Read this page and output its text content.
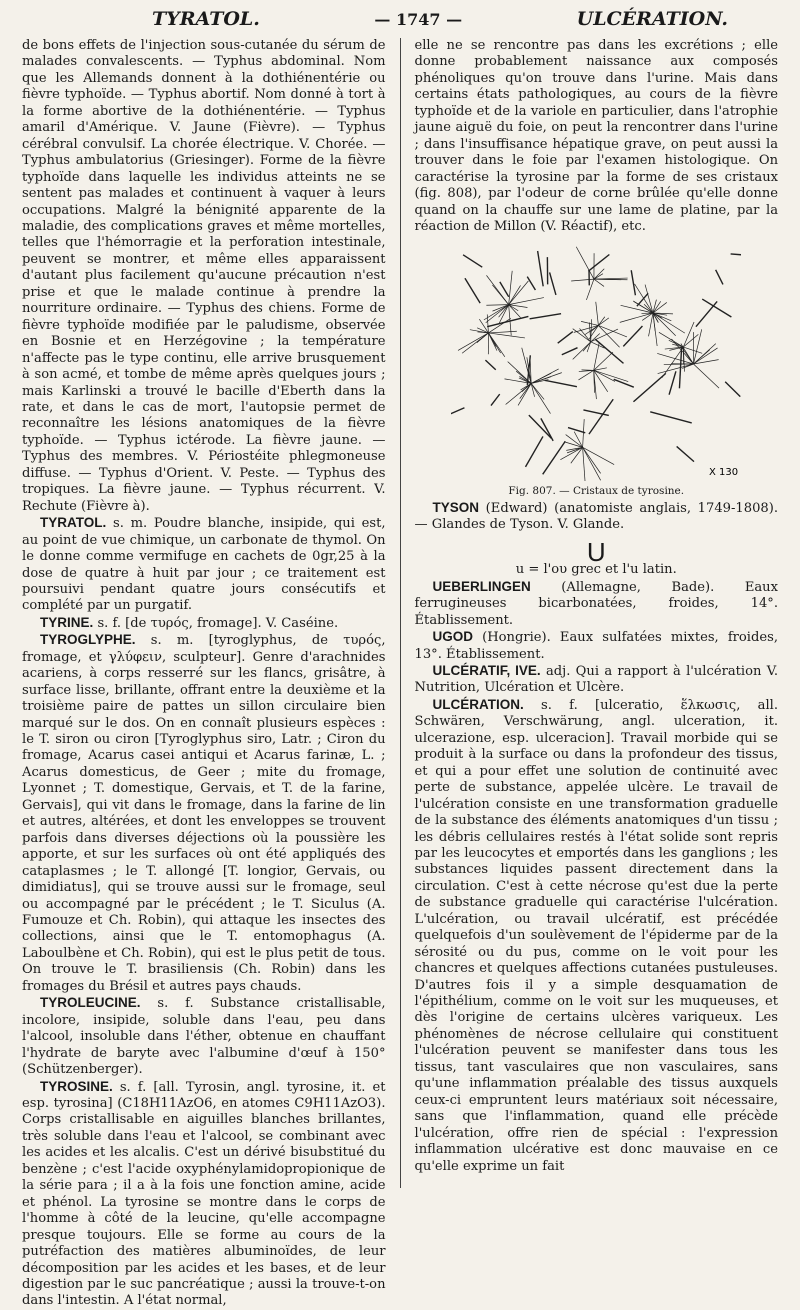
TYRATOL.	— 1747 —	ULCÉRATION.

de bons effets de l'injection sous-cutanée du sérum de malades convalescents. — Typhus abdominal. Nom que les Allemands donnent à la dothiénentérie ou fièvre typhoïde. — Typhus abortif. Nom donné à tort à la forme abortive de la dothiénentérie. — Typhus amaril d'Amérique. V. Jaune (Fièvre). — Typhus cérébral convulsif. La chorée électrique. V. Chorée. — Typhus ambulatorius (Griesinger). Forme de la fièvre typhoïde dans laquelle les individus atteints ne se sentent pas malades et continuent à vaquer à leurs occupations. Malgré la bénignité apparente de la maladie, des complications graves et même mortelles, telles que l'hémorragie et la perforation intestinale, peuvent se montrer, et même elles apparaissent d'autant plus facilement qu'aucune précaution n'est prise et que le malade continue à prendre la nourriture ordinaire. — Typhus des chiens. Forme de fièvre typhoïde modifiée par le paludisme, observée en Bosnie et en Herzégovine ; la température n'affecte pas le type continu, elle arrive brusquement à son acmé, et tombe de même après quelques jours ; mais Karlinski a trouvé le bacille d'Eberth dans la rate, et dans le cas de mort, l'autopsie permet de reconnaître les lésions anatomiques de la fièvre typhoïde. — Typhus ictérode. La fièvre jaune. — Typhus des membres. V. Périostéite phlegmoneuse diffuse. — Typhus d'Orient. V. Peste. — Typhus des tropiques. La fièvre jaune. — Typhus récurrent. V. Rechute (Fièvre à).

TYRATOL. s. m. Poudre blanche, insipide, qui est, au point de vue chimique, un carbonate de thymol. On le donne comme vermifuge en cachets de 0gr,25 à la dose de quatre à huit par jour ; ce traitement est poursuivi pendant quatre jours consécutifs et complété par un purgatif.

TYRINE. s. f. [de τυρός, fromage]. V. Caséine.

TYROGLYPHE. s. m. [tyroglyphus, de τυρός, fromage, et γλύφειν, sculpteur]. Genre d'arachnides acariens, à corps resserré sur les flancs, grisâtre, à surface lisse, brillante, offrant entre la deuxième et la troisième paire de pattes un sillon circulaire bien marqué sur le dos. On en connaît plusieurs espèces : le T. siron ou ciron [Tyroglyphus siro, Latr. ; Ciron du fromage, Acarus casei antiqui et Acarus farinæ, L. ; Acarus domesticus, de Geer ; mite du fromage, Lyonnet ; T. domestique, Gervais, et T. de la farine, Gervais], qui vit dans le fromage, dans la farine de lin et autres, altérées, et dont les enveloppes se trouvent parfois dans diverses déjections où la poussière les apporte, et sur les surfaces où ont été appliqués des cataplasmes ; le T. allongé [T. longior, Gervais, ou dimidiatus], qui se trouve aussi sur le fromage, seul ou accompagné par le précédent ; le T. Siculus (A. Fumouze et Ch. Robin), qui attaque les insectes des collections, ainsi que le T. entomophagus (A. Laboulbène et Ch. Robin), qui est le plus petit de tous. On trouve le T. brasiliensis (Ch. Robin) dans les fromages du Brésil et autres pays chauds.

TYROLEUCINE. s. f. Substance cristallisable, incolore, insipide, soluble dans l'eau, peu dans l'alcool, insoluble dans l'éther, obtenue en chauffant l'hydrate de baryte avec l'albumine d'œuf à 150° (Schützenberger).

TYROSINE. s. f. [all. Tyrosin, angl. tyrosine, it. et esp. tyrosina] (C18H11AzO6, en atomes C9H11AzO3). Corps cristallisable en aiguilles blanches brillantes, très soluble dans l'eau et l'alcool, se combinant avec les acides et les alcalis. C'est un dérivé bisubstitué du benzène ; c'est l'acide oxyphénylamidopropionique de la série para ; il a à la fois une fonction amine, acide et phénol. La tyrosine se montre dans le corps de l'homme à côté de la leucine, qu'elle accompagne presque toujours. Elle se forme au cours de la putréfaction des matières albuminoïdes, de leur décomposition par les acides et les bases, et de leur digestion par le suc pancréatique ; aussi la trouve-t-on dans l'intestin. A l'état normal,

elle ne se rencontre pas dans les excrétions ; elle donne probablement naissance aux composés phénoliques qu'on trouve dans l'urine. Mais dans certains états pathologiques, au cours de la fièvre typhoïde et de la variole en particulier, dans l'atrophie jaune aiguë du foie, on peut la rencontrer dans l'urine ; dans l'insuffisance hépatique grave, on peut aussi la trouver dans le foie par l'examen histologique. On caractérise la tyrosine par la forme de ses cristaux (fig. 808), par l'odeur de corne brûlée qu'elle donne quand on la chauffe sur une lame de platine, par la réaction de Millon (V. Réactif), etc.

X 130

Fig. 807. — Cristaux de tyrosine.

TYSON (Edward) (anatomiste anglais, 1749-1808). — Glandes de Tyson. V. Glande.

U

u = l'ου grec et l'u latin.

UEBERLINGEN (Allemagne, Bade). Eaux ferrugineuses bicarbonatées, froides, 14°. Établissement.

UGOD (Hongrie). Eaux sulfatées mixtes, froides, 13°. Établissement.

ULCÉRATIF, IVE. adj. Qui a rapport à l'ulcération V. Nutrition, Ulcération et Ulcère.

ULCÉRATION. s. f. [ulceratio, ἕλκωσις, all. Schwären, Verschwärung, angl. ulceration, it. ulcerazione, esp. ulceracion]. Travail morbide qui se produit à la surface ou dans la profondeur des tissus, et qui a pour effet une solution de continuité avec perte de substance, appelée ulcère. Le travail de l'ulcération consiste en une transformation graduelle de la substance des éléments anatomiques d'un tissu ; les débris cellulaires restés à l'état solide sont repris par les leucocytes et emportés dans les ganglions ; les substances liquides passent directement dans la circulation. C'est à cette nécrose qu'est due la perte de substance graduelle qui caractérise l'ulcération. L'ulcération, ou travail ulcératif, est précédée quelquefois d'un soulèvement de l'épiderme par de la sérosité ou du pus, comme on le voit pour les chancres et quelques affections cutanées pustuleuses. D'autres fois il y a simple desquamation de l'épithélium, comme on le voit sur les muqueuses, et dès l'origine de certains ulcères variqueux. Les phénomènes de nécrose cellulaire qui constituent l'ulcération peuvent se manifester dans tous les tissus, tant vasculaires que non vasculaires, sans qu'une inflammation préalable des tissus auxquels ceux-ci empruntent leurs matériaux soit nécessaire, sans que l'inflammation, quand elle précède l'ulcération, offre rien de spécial : l'expression inflammation ulcérative est donc mauvaise en ce qu'elle exprime un fait
